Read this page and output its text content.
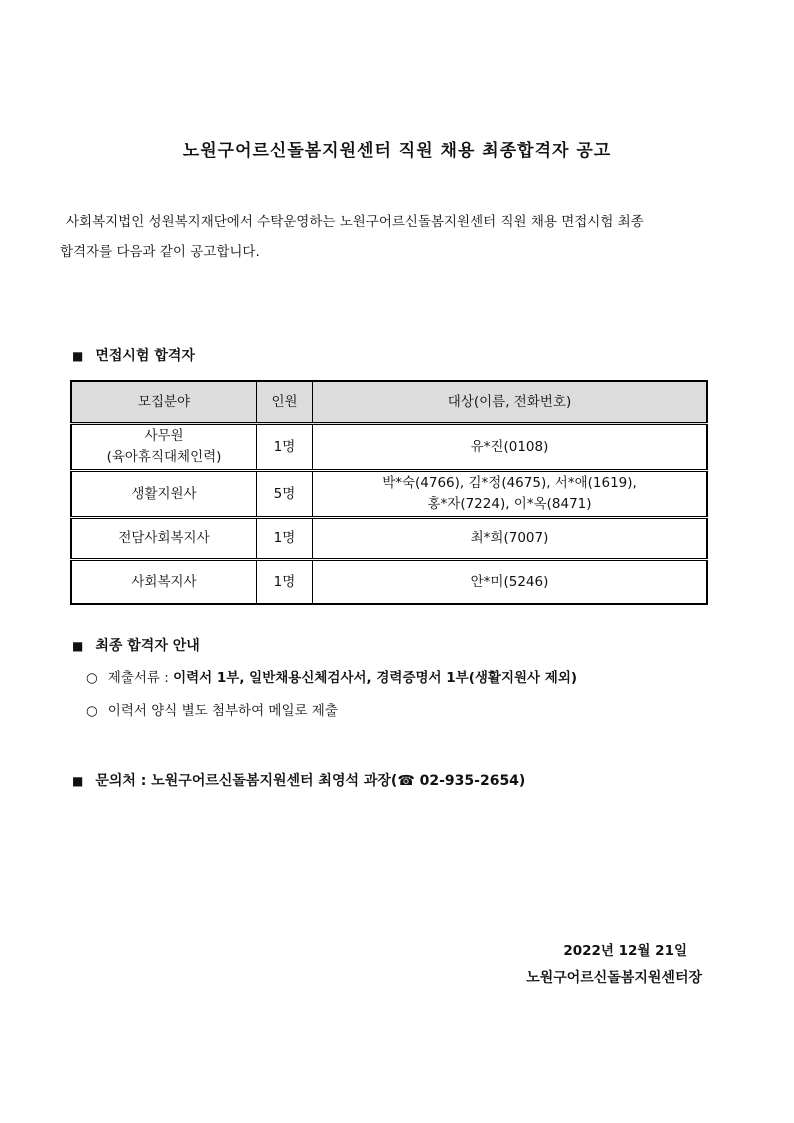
노원구어르신돌봄지원센터 직원 채용 최종합격자 공고
사회복지법인 성원복지재단에서 수탁운영하는 노원구어르신돌봄지원센터 직원 채용 면접시험 최종
합격자를 다음과 같이 공고합니다.
■ 면접시험 합격자
모집분야	인원	대상(이름, 전화번호)

사무원
(육아휴직대체인력)	1명	유*진(0108)
생활지원사	5명	박*숙(4766), 김*정(4675), 서*애(1619),
홍*자(7224), 이*옥(8471)

전담사회복지사	1명	최*희(7007)
사회복지사	1명	안*미(5246)
■ 최종 합격자 안내
○ 제출서류 : 이력서 1부, 일반채용신체검사서, 경력증명서 1부(생활지원사 제외)
○ 이력서 양식 별도 첨부하여 메일로 제출
■ 문의처 : 노원구어르신돌봄지원센터 최영석 과장(☎ 02-935-2654)
2022년 12월 21일
노원구어르신돌봄지원센터장
